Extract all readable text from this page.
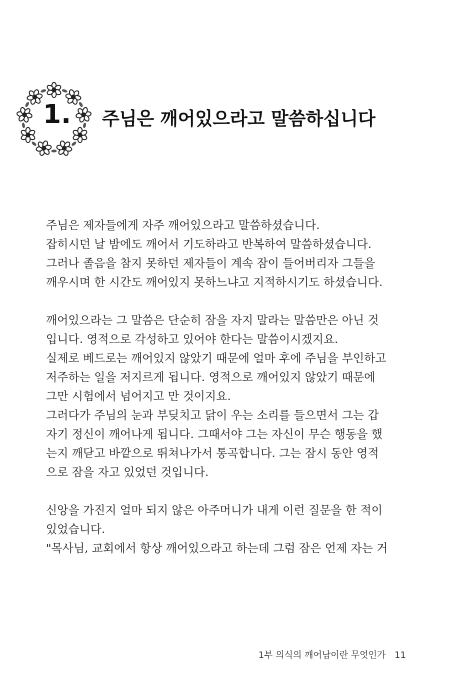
1. 주님은 깨어있으라고 말씀하십니다
주님은 제자들에게 자주 깨어있으라고 말씀하셨습니다.
잡히시던 날 밤에도 깨어서 기도하라고 반복하여 말씀하셨습니다.
그러나 졸음을 참지 못하던 제자들이 계속 잠이 들어버리자 그들을
깨우시며 한 시간도 깨어있지 못하느냐고 지적하시기도 하셨습니다.
깨어있으라는 그 말씀은 단순히 잠을 자지 말라는 말씀만은 아닌 것
입니다. 영적으로 각성하고 있어야 한다는 말씀이시겠지요.
실제로 베드로는 깨어있지 않았기 때문에 얼마 후에 주님을 부인하고
저주하는 일을 저지르게 됩니다. 영적으로 깨어있지 않았기 때문에
그만 시험에서 넘어지고 만 것이지요.
그러다가 주님의 눈과 부딪치고 닭이 우는 소리를 들으면서 그는 갑
자기 정신이 깨어나게 됩니다. 그때서야 그는 자신이 무슨 행동을 했
는지 깨닫고 바깥으로 뛰쳐나가서 통곡합니다. 그는 잠시 동안 영적
으로 잠을 자고 있었던 것입니다.
신앙을 가진지 얼마 되지 않은 아주머니가 내게 이런 질문을 한 적이
있었습니다.
"목사님, 교회에서 항상 깨어있으라고 하는데 그럼 잠은 언제 자는 거
1부 의식의 깨어남이란 무엇인가 11
